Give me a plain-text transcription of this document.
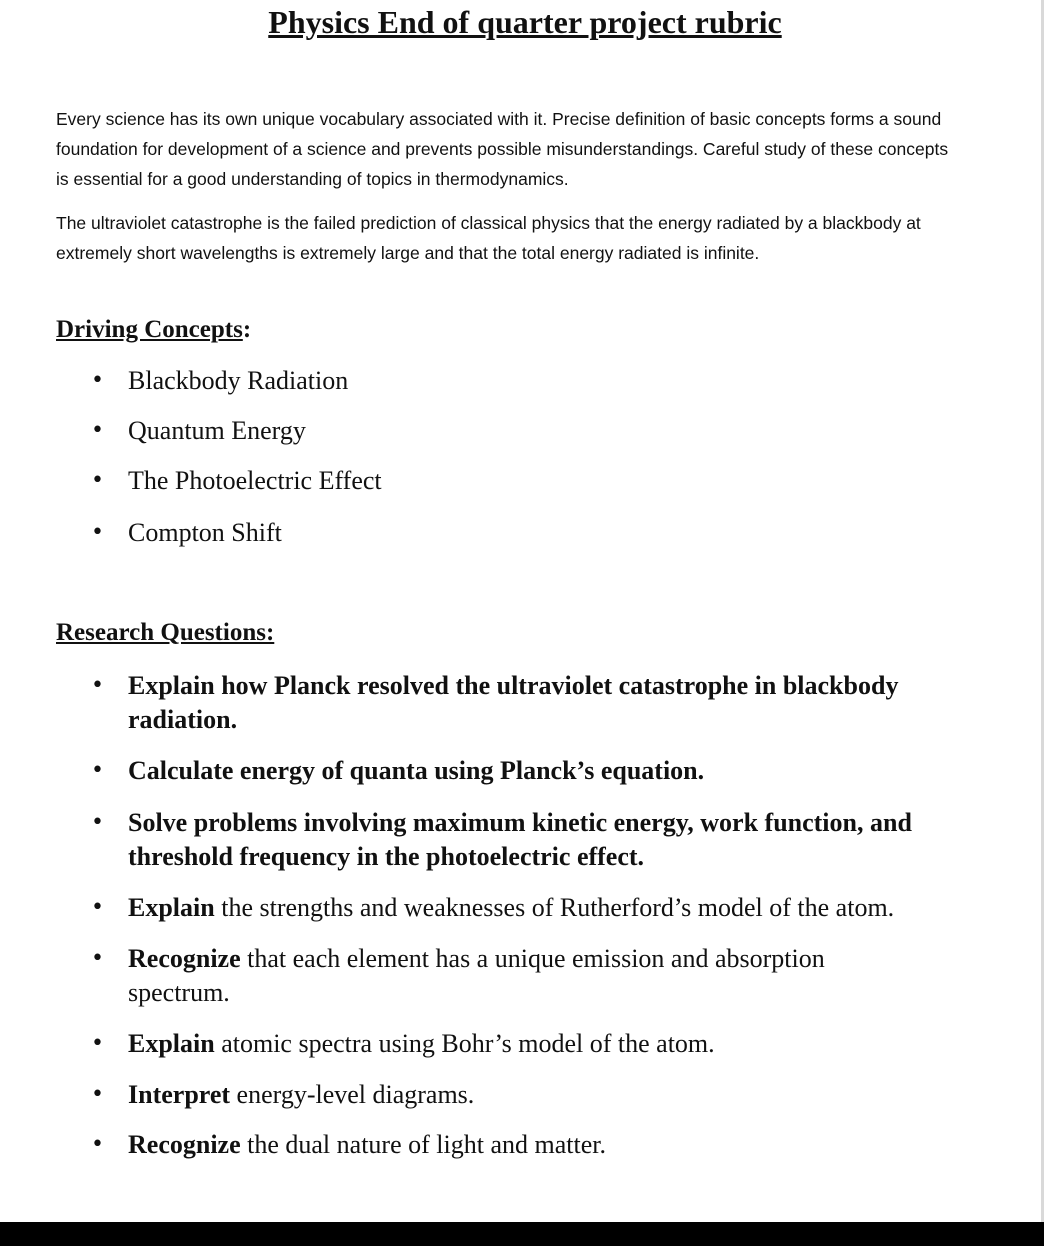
Physics End of quarter project rubric

Every science has its own unique vocabulary associated with it. Precise definition of basic concepts forms a sound foundation for development of a science and prevents possible misunderstandings. Careful study of these concepts is essential for a good understanding of topics in thermodynamics.

The ultraviolet catastrophe is the failed prediction of classical physics that the energy radiated by a blackbody at extremely short wavelengths is extremely large and that the total energy radiated is infinite.

Driving Concepts:
• Blackbody Radiation
• Quantum Energy
• The Photoelectric Effect
• Compton Shift
Research Questions:
• Explain how Planck resolved the ultraviolet catastrophe in blackbody radiation.
• Calculate energy of quanta using Planck’s equation.
• Solve problems involving maximum kinetic energy, work function, and threshold frequency in the photoelectric effect.
• Explain the strengths and weaknesses of Rutherford’s model of the atom.
• Recognize that each element has a unique emission and absorption spectrum.
• Explain atomic spectra using Bohr’s model of the atom.
• Interpret energy-level diagrams.
• Recognize the dual nature of light and matter.
